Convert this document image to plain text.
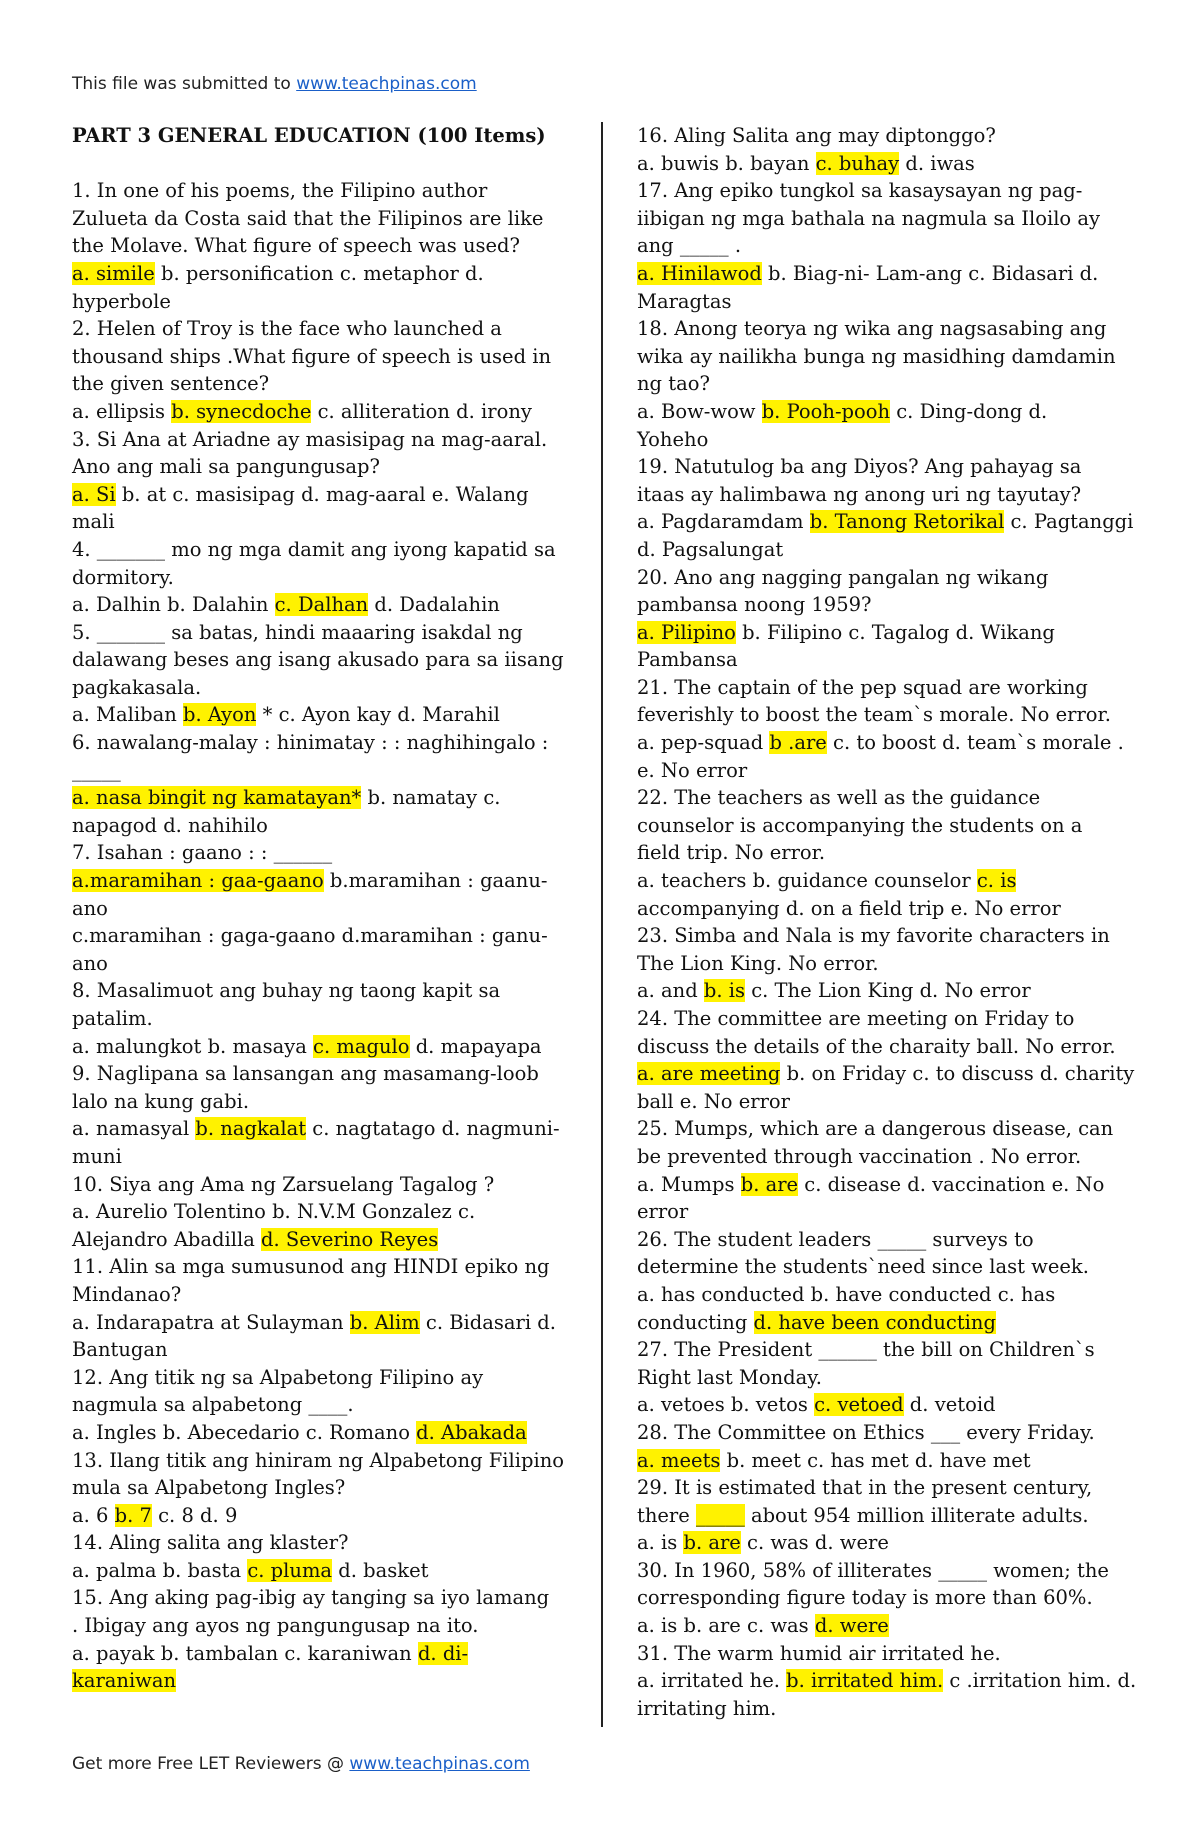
This file was submitted to www.teachpinas.com
PART 3 GENERAL EDUCATION (100 Items)
1. In one of his poems, the Filipino author
Zulueta da Costa said that the Filipinos are like
the Molave. What figure of speech was used?
a. simile b. personification c. metaphor d.
hyperbole
2. Helen of Troy is the face who launched a
thousand ships .What figure of speech is used in
the given sentence?
a. ellipsis b. synecdoche c. alliteration d. irony
3. Si Ana at Ariadne ay masisipag na mag-aaral.
Ano ang mali sa pangungusap?
a. Si b. at c. masisipag d. mag-aaral e. Walang
mali
4. _______ mo ng mga damit ang iyong kapatid sa
dormitory.
a. Dalhin b. Dalahin c. Dalhan d. Dadalahin
5. _______ sa batas, hindi maaaring isakdal ng
dalawang beses ang isang akusado para sa iisang
pagkakasala.
a. Maliban b. Ayon * c. Ayon kay d. Marahil
6. nawalang-malay : hinimatay : : naghihingalo :
_____
a. nasa bingit ng kamatayan* b. namatay c.
napagod d. nahihilo
7. Isahan : gaano : : ______
a.maramihan : gaa-gaano b.maramihan : gaanu-
ano
c.maramihan : gaga-gaano d.maramihan : ganu-
ano
8. Masalimuot ang buhay ng taong kapit sa
patalim.
a. malungkot b. masaya c. magulo d. mapayapa
9. Naglipana sa lansangan ang masamang-loob
lalo na kung gabi.
a. namasyal b. nagkalat c. nagtatago d. nagmuni-
muni
10. Siya ang Ama ng Zarsuelang Tagalog ?
a. Aurelio Tolentino b. N.V.M Gonzalez c.
Alejandro Abadilla d. Severino Reyes
11. Alin sa mga sumusunod ang HINDI epiko ng
Mindanao?
a. Indarapatra at Sulayman b. Alim c. Bidasari d.
Bantugan
12. Ang titik ng sa Alpabetong Filipino ay
nagmula sa alpabetong ____.
a. Ingles b. Abecedario c. Romano d. Abakada
13. Ilang titik ang hiniram ng Alpabetong Filipino
mula sa Alpabetong Ingles?
a. 6 b. 7 c. 8 d. 9
14. Aling salita ang klaster?
a. palma b. basta c. pluma d. basket
15. Ang aking pag-ibig ay tanging sa iyo lamang
. Ibigay ang ayos ng pangungusap na ito.
a. payak b. tambalan c. karaniwan d. di-
karaniwan
16. Aling Salita ang may diptonggo?
a. buwis b. bayan c. buhay d. iwas
17. Ang epiko tungkol sa kasaysayan ng pag-
iibigan ng mga bathala na nagmula sa Iloilo ay
ang _____ .
a. Hinilawod b. Biag-ni- Lam-ang c. Bidasari d.
Maragtas
18. Anong teorya ng wika ang nagsasabing ang
wika ay nailikha bunga ng masidhing damdamin
ng tao?
a. Bow-wow b. Pooh-pooh c. Ding-dong d.
Yoheho
19. Natutulog ba ang Diyos? Ang pahayag sa
itaas ay halimbawa ng anong uri ng tayutay?
a. Pagdaramdam b. Tanong Retorikal c. Pagtanggi
d. Pagsalungat
20. Ano ang nagging pangalan ng wikang
pambansa noong 1959?
a. Pilipino b. Filipino c. Tagalog d. Wikang
Pambansa
21. The captain of the pep squad are working
feverishly to boost the team`s morale. No error.
a. pep-squad b .are c. to boost d. team`s morale .
e. No error
22. The teachers as well as the guidance
counselor is accompanying the students on a
field trip. No error.
a. teachers b. guidance counselor c. is
accompanying d. on a field trip e. No error
23. Simba and Nala is my favorite characters in
The Lion King. No error.
a. and b. is c. The Lion King d. No error
24. The committee are meeting on Friday to
discuss the details of the charaity ball. No error.
a. are meeting b. on Friday c. to discuss d. charity
ball e. No error
25. Mumps, which are a dangerous disease, can
be prevented through vaccination . No error.
a. Mumps b. are c. disease d. vaccination e. No
error
26. The student leaders _____ surveys to
determine the students`need since last week.
a. has conducted b. have conducted c. has
conducting d. have been conducting
27. The President ______ the bill on Children`s
Right last Monday.
a. vetoes b. vetos c. vetoed d. vetoid
28. The Committee on Ethics ___ every Friday.
a. meets b. meet c. has met d. have met
29. It is estimated that in the present century,
there _____ about 954 million illiterate adults.
a. is b. are c. was d. were
30. In 1960, 58% of illiterates _____ women; the
corresponding figure today is more than 60%.
a. is b. are c. was d. were
31. The warm humid air irritated he.
a. irritated he. b. irritated him. c .irritation him. d.
irritating him.
Get more Free LET Reviewers @ www.teachpinas.com
